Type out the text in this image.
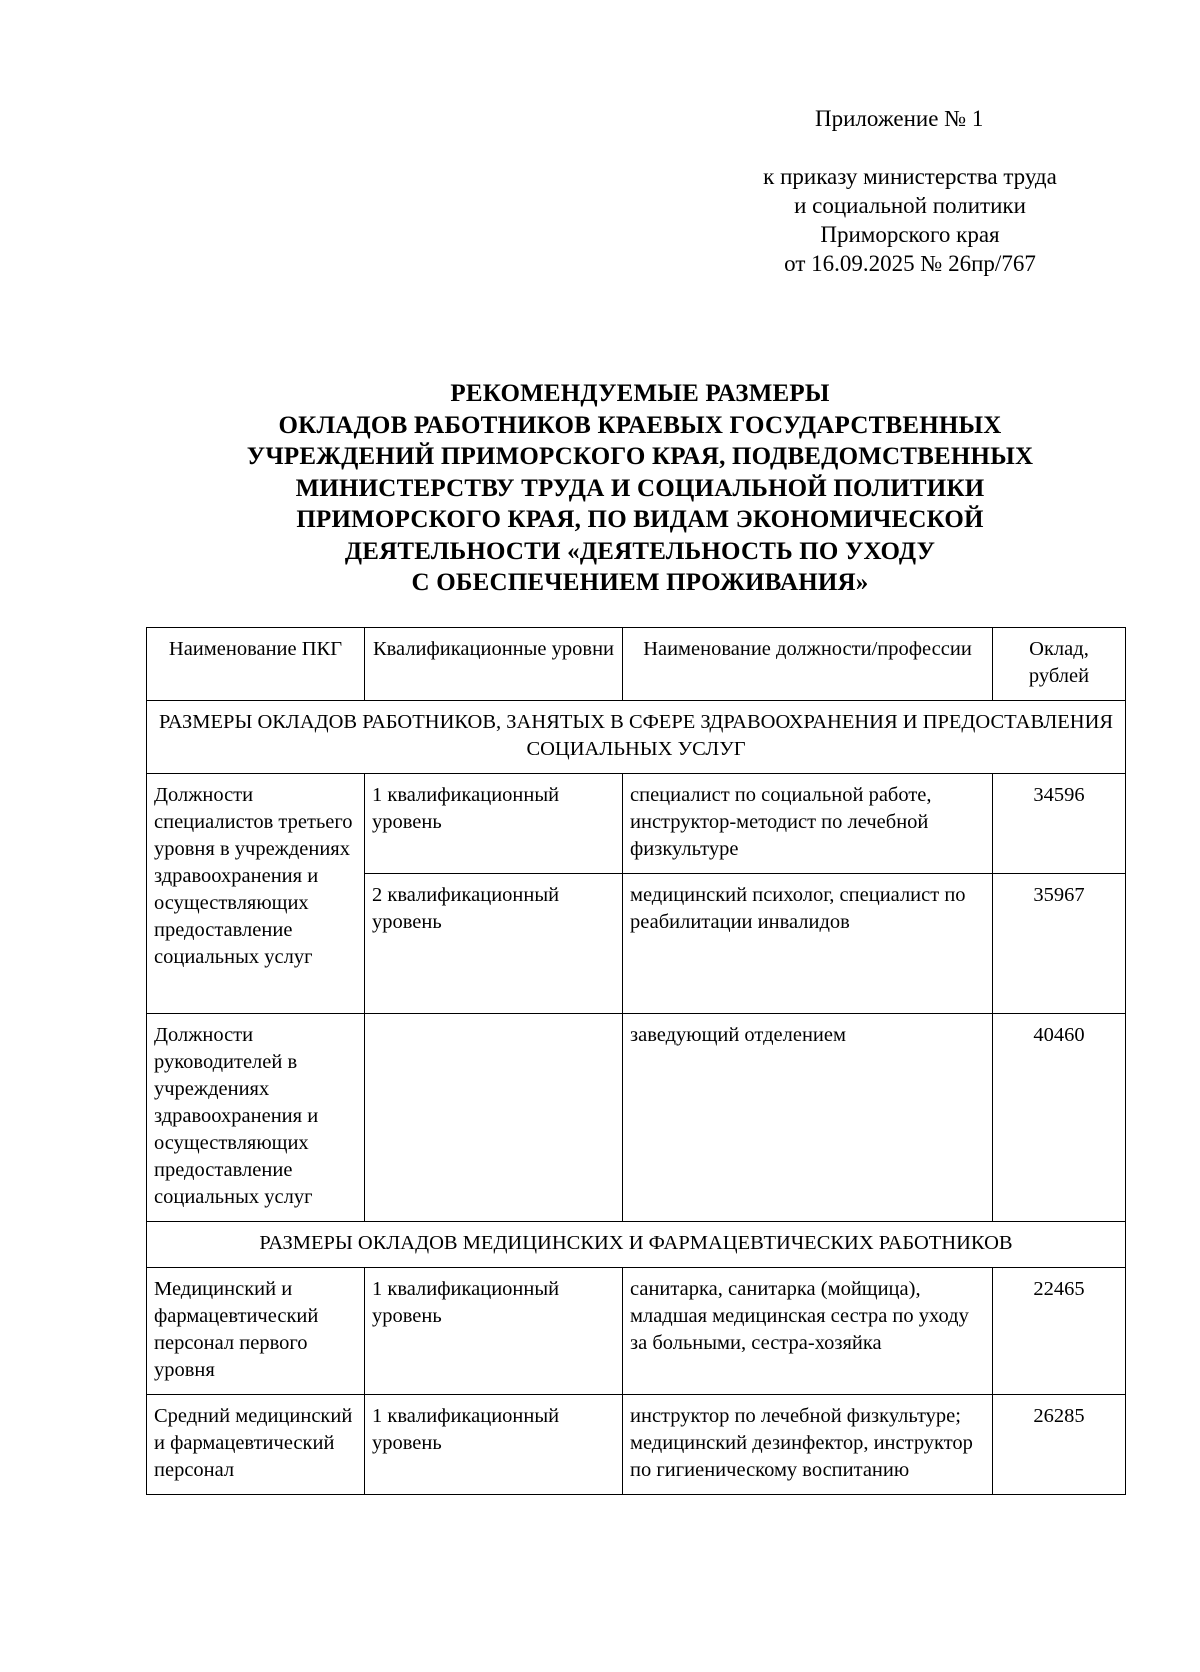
Приложение № 1
к приказу министерства труда
и социальной политики
Приморского края
от 16.09.2025 № 26пр/767
РЕКОМЕНДУЕМЫЕ РАЗМЕРЫ
ОКЛАДОВ РАБОТНИКОВ КРАЕВЫХ ГОСУДАРСТВЕННЫХ
УЧРЕЖДЕНИЙ ПРИМОРСКОГО КРАЯ, ПОДВЕДОМСТВЕННЫХ
МИНИСТЕРСТВУ ТРУДА И СОЦИАЛЬНОЙ ПОЛИТИКИ
ПРИМОРСКОГО КРАЯ, ПО ВИДАМ ЭКОНОМИЧЕСКОЙ
ДЕЯТЕЛЬНОСТИ «ДЕЯТЕЛЬНОСТЬ ПО УХОДУ
С ОБЕСПЕЧЕНИЕМ ПРОЖИВАНИЯ»
Наименование ПКГ	Квалификационные уровни	Наименование должности/профессии	Оклад, рублей
РАЗМЕРЫ ОКЛАДОВ РАБОТНИКОВ, ЗАНЯТЫХ В СФЕРЕ ЗДРАВООХРАНЕНИЯ И ПРЕДОСТАВЛЕНИЯ СОЦИАЛЬНЫХ УСЛУГ			
Должности специалистов третьего уровня в учреждениях здравоохранения и осуществляющих предоставление социальных услуг	1 квалификационный уровень	специалист по социальной работе, инструктор-методист по лечебной физкультуре	34596
	2 квалификационный уровень	медицинский психолог, специалист по реабилитации инвалидов	35967
Должности руководителей в учреждениях здравоохранения и осуществляющих предоставление социальных услуг		заведующий отделением	40460
РАЗМЕРЫ ОКЛАДОВ МЕДИЦИНСКИХ И ФАРМАЦЕВТИЧЕСКИХ РАБОТНИКОВ			
Медицинский и фармацевтический персонал первого уровня	1 квалификационный уровень	санитарка, санитарка (мойщица), младшая медицинская сестра по уходу за больными, сестра-хозяйка	22465
Средний медицинский и фармацевтический персонал	1 квалификационный уровень	инструктор по лечебной физкультуре; медицинский дезинфектор, инструктор по гигиеническому воспитанию	26285
